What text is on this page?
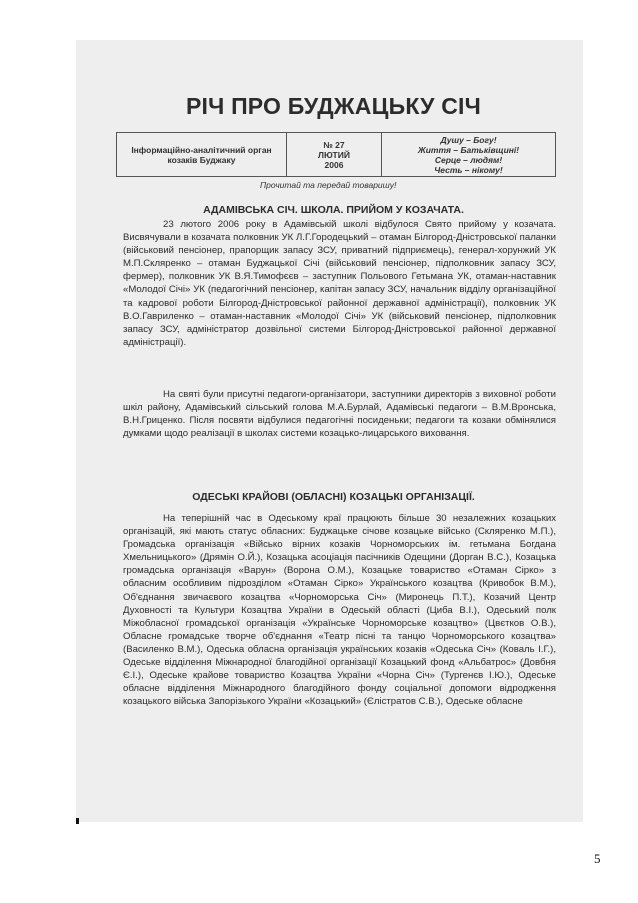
РІЧ ПРО БУДЖАЦЬКУ СІЧ
Інформаційно-аналітичний орган козаків Буджаку
№ 27
ЛЮТИЙ
2006
Душу – Богу!
Життя – Батьківщині!
Серце – людям!
Честь – нікому!
Прочитай та передай товаришу!
АДАМІВСЬКА СІЧ. ШКОЛА. ПРИЙОМ У КОЗАЧАТА.

23 лютого 2006 року в Адамівській школі відбулося Свято прийому у козачата. Висвячували в козачата полковник УК Л.Г.Городецький – отаман Білгород-Дністровської паланки (військовий пенсіонер, прапорщик запасу ЗСУ, приватний підприємець), генерал-хорунжий УК М.П.Скляренко – отаман Буджацької Січі (військовий пенсіонер, підполковник запасу ЗСУ, фермер), полковник УК В.Я.Тимофєєв – заступник Польового Гетьмана УК, отаман-наставник «Молодої Січі» УК (педагогічний пенсіонер, капітан запасу ЗСУ, начальник відділу організаційної та кадрової роботи Білгород-Дністровської районної державної адміністрації), полковник УК В.О.Гавриленко – отаман-наставник «Молодої Січі» УК (військовий пенсіонер, підполковник запасу ЗСУ, адміністратор дозвільної системи Білгород-Дністровської районної державної адміністрації).

На святі були присутні педагоги-організатори, заступники директорів з виховної роботи шкіл району, Адамівський сільський голова М.А.Бурлай, Адамівські педагоги – В.М.Вронська, В.Н.Гриценко. Після посвяти відбулися педагогічні посиденьки; педагоги та козаки обмінялися думками щодо реалізації в школах системи козацько-лицарського виховання.

ОДЕСЬКІ КРАЙОВІ (ОБЛАСНІ) КОЗАЦЬКІ ОРГАНІЗАЦІЇ.

На теперішній час в Одеському краї працюють більше 30 незалежних козацьких організацій, які мають статус обласних: Буджацьке січове козацьке військо (Скляренко М.П.), Громадська організація «Військо вірних козаків Чорноморських ім. гетьмана Богдана Хмельницького» (Дрямін О.Й.), Козацька асоціація пасічників Одещини (Дорган В.С.), Козацька громадська організація «Варун» (Ворона О.М.), Козацьке товариство «Отаман Сірко» з обласним особливим підрозділом «Отаман Сірко» Українського козацтва (Кривобок В.М.), Об'єднання звичаєвого козацтва «Чорноморська Січ» (Миронець П.Т.), Козачий Центр Духовності та Культури Козацтва України в Одеській області (Циба В.І.), Одеський полк Міжобласної громадської організація «Українське Чорноморське козацтво» (Цвєтков О.В.), Обласне громадське творче об'єднання «Театр пісні та танцю Чорноморського козацтва» (Василенко В.М.), Одеська обласна організація українських козаків «Одеська Січ» (Коваль І.Г.), Одеське відділення Міжнародної благодійної організації Козацький фонд «Альбатрос» (Довбня Є.І.), Одеське крайове товариство Козацтва України «Чорна Січ» (Тургенєв І.Ю.), Одеське обласне відділення Міжнародного благодійного фонду соціальної допомоги відродження козацького війська Запорізького України «Козацький» (Єлістратов С.В.), Одеське обласне

5
